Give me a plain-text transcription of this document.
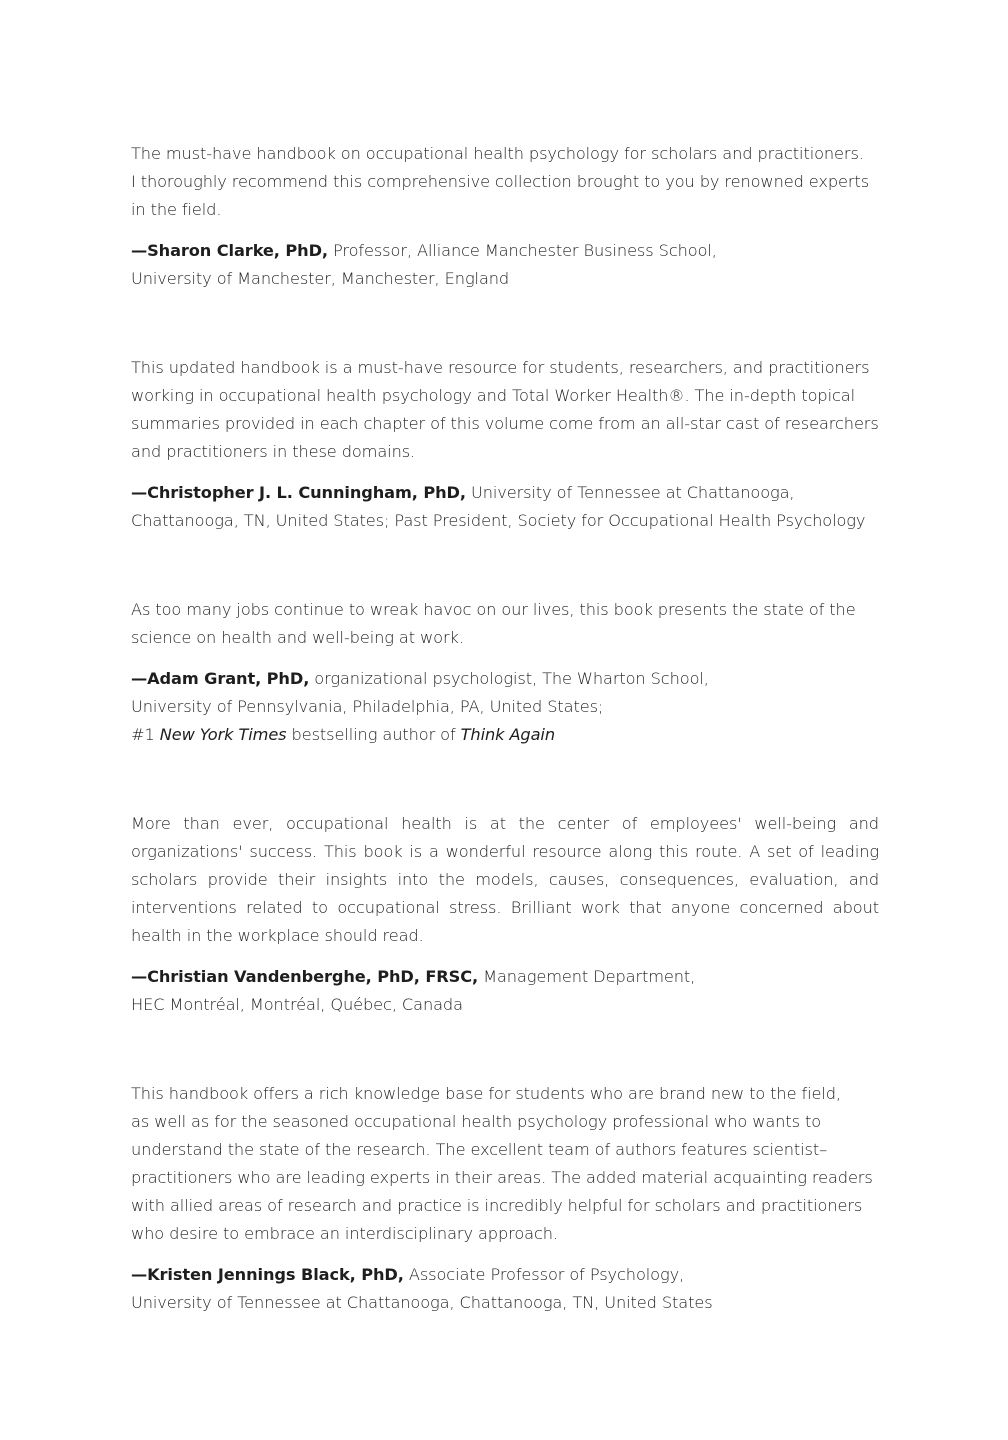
The must-have handbook on occupational health psychology for scholars and practitioners.
I thoroughly recommend this comprehensive collection brought to you by renowned experts
in the field.

—Sharon Clarke, PhD, Professor, Alliance Manchester Business School,
University of Manchester, Manchester, England

This updated handbook is a must-have resource for students, researchers, and practitioners
working in occupational health psychology and Total Worker Health®. The in-depth topical
summaries provided in each chapter of this volume come from an all-star cast of researchers
and practitioners in these domains.

—Christopher J. L. Cunningham, PhD, University of Tennessee at Chattanooga,
Chattanooga, TN, United States; Past President, Society for Occupational Health Psychology

As too many jobs continue to wreak havoc on our lives, this book presents the state of the
science on health and well-being at work.

—Adam Grant, PhD, organizational psychologist, The Wharton School,
University of Pennsylvania, Philadelphia, PA, United States;
#1 New York Times bestselling author of Think Again

More than ever, occupational health is at the center of employees' well-being and organizations' success. This book is a wonderful resource along this route. A set of leading scholars provide their insights into the models, causes, consequences, evaluation, and interventions related to occupational stress. Brilliant work that anyone concerned about health in the workplace should read.

—Christian Vandenberghe, PhD, FRSC, Management Department,
HEC Montréal, Montréal, Québec, Canada

This handbook offers a rich knowledge base for students who are brand new to the field,
as well as for the seasoned occupational health psychology professional who wants to
understand the state of the research. The excellent team of authors features scientist–
practitioners who are leading experts in their areas. The added material acquainting readers
with allied areas of research and practice is incredibly helpful for scholars and practitioners
who desire to embrace an interdisciplinary approach.

—Kristen Jennings Black, PhD, Associate Professor of Psychology,
University of Tennessee at Chattanooga, Chattanooga, TN, United States
